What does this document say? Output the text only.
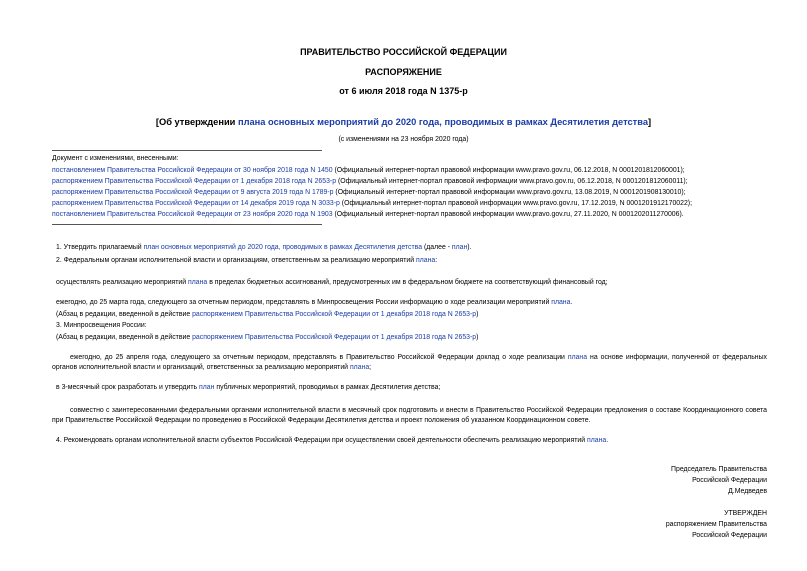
ПРАВИТЕЛЬСТВО РОССИЙСКОЙ ФЕДЕРАЦИИ
РАСПОРЯЖЕНИЕ
от 6 июля 2018 года N 1375-р
[Об утверждении плана основных мероприятий до 2020 года, проводимых в рамках Десятилетия детства]
(с изменениями на 23 ноября 2020 года)
Документ с изменениями, внесенными:
постановлением Правительства Российской Федерации от 30 ноября 2018 года N 1450 (Официальный интернет-портал правовой информации www.pravo.gov.ru, 06.12.2018, N 0001201812060001);
распоряжением Правительства Российской Федерации от 1 декабря 2018 года N 2653-р (Официальный интернет-портал правовой информации www.pravo.gov.ru, 06.12.2018, N 0001201812060011);
распоряжением Правительства Российской Федерации от 9 августа 2019 года N 1789-р (Официальный интернет-портал правовой информации www.pravo.gov.ru, 13.08.2019, N 0001201908130010);
распоряжением Правительства Российской Федерации от 14 декабря 2019 года N 3033-р (Официальный интернет-портал правовой информации www.pravo.gov.ru, 17.12.2019, N 0001201912170022);
постановлением Правительства Российской Федерации от 23 ноября 2020 года N 1903 (Официальный интернет-портал правовой информации www.pravo.gov.ru, 27.11.2020, N 0001202011270006).
1. Утвердить прилагаемый план основных мероприятий до 2020 года, проводимых в рамках Десятилетия детства (далее - план).
2. Федеральным органам исполнительной власти и организациям, ответственным за реализацию мероприятий плана:
осуществлять реализацию мероприятий плана в пределах бюджетных ассигнований, предусмотренных им в федеральном бюджете на соответствующий финансовый год;
ежегодно, до 25 марта года, следующего за отчетным периодом, представлять в Минпросвещения России информацию о ходе реализации мероприятий плана.
(Абзац в редакции, введенной в действие распоряжением Правительства Российской Федерации от 1 декабря 2018 года N 2653-р)
3. Минпросвещения России:
(Абзац в редакции, введенной в действие распоряжением Правительства Российской Федерации от 1 декабря 2018 года N 2653-р)
ежегодно, до 25 апреля года, следующего за отчетным периодом, представлять в Правительство Российской Федерации доклад о ходе реализации плана на основе информации, полученной от федеральных органов исполнительной власти и организаций, ответственных за реализацию мероприятий плана;
в 3-месячный срок разработать и утвердить план публичных мероприятий, проводимых в рамках Десятилетия детства;
совместно с заинтересованными федеральными органами исполнительной власти в месячный срок подготовить и внести в Правительство Российской Федерации предложения о составе Координационного совета при Правительстве Российской Федерации по проведению в Российской Федерации Десятилетия детства и проект положения об указанном Координационном совете.
4. Рекомендовать органам исполнительной власти субъектов Российской Федерации при осуществлении своей деятельности обеспечить реализацию мероприятий плана.
Председатель Правительства
Российской Федерации
Д.Медведев
УТВЕРЖДЕН
распоряжением Правительства
Российской Федерации
